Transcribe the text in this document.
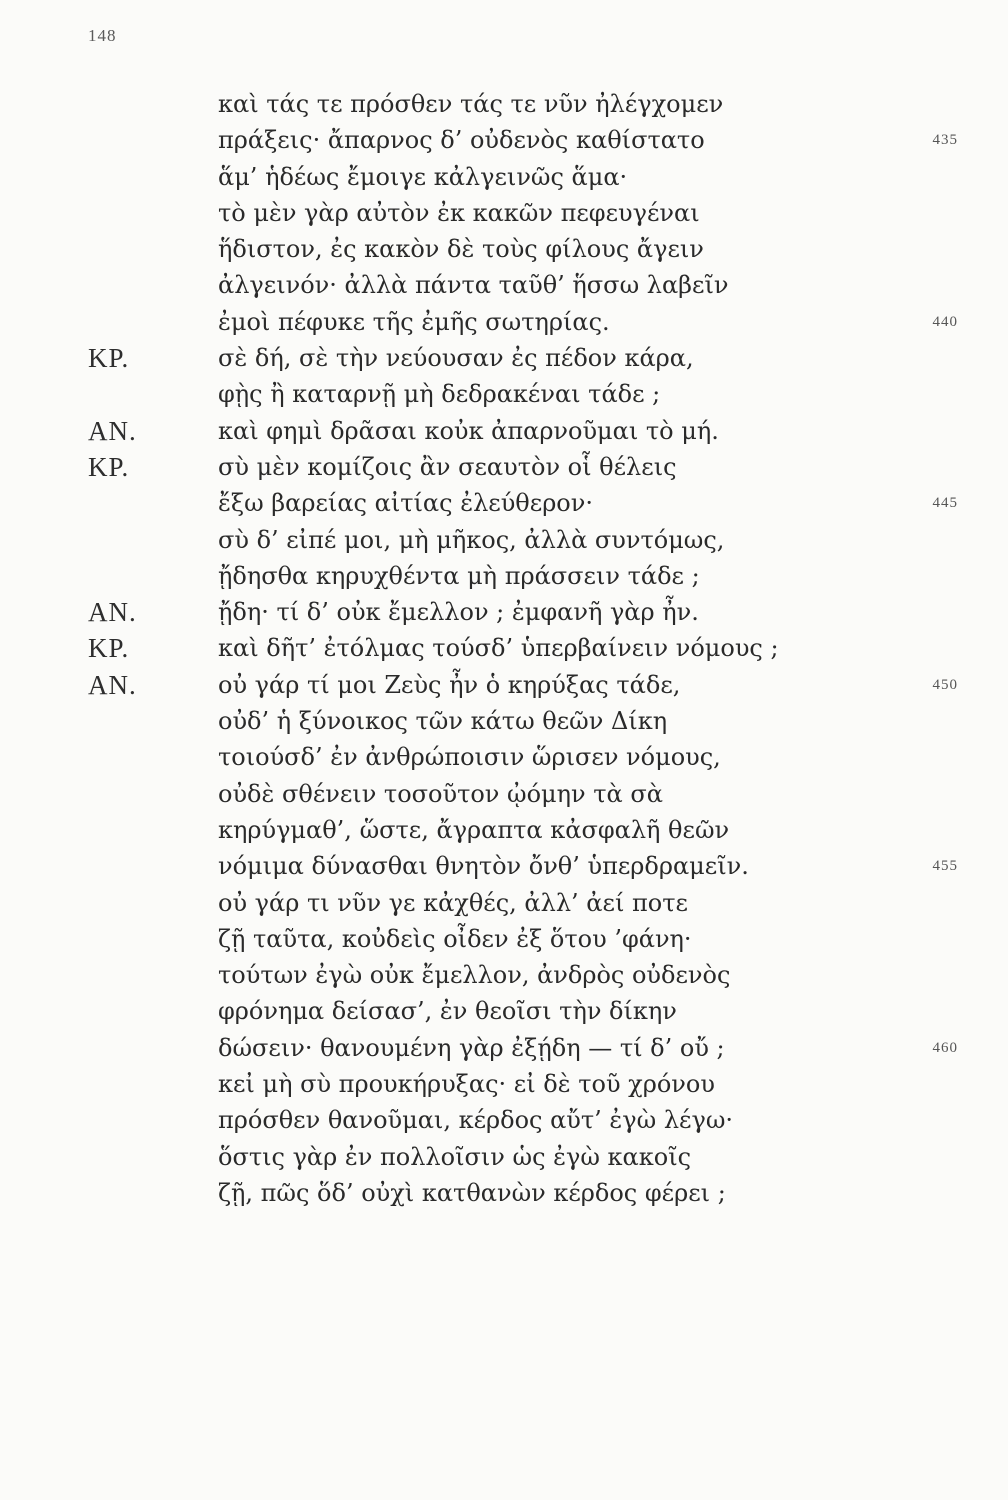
148
καὶ τάς τε πρόσθεν τάς τε νῦν ἠλέγχομεν
πράξεις· ἄπαρνος δ’ οὐδενὸς καθίστατο	435
ἅμ’ ἡδέως ἔμοιγε κἀλγεινῶς ἅμα·
τὸ μὲν γὰρ αὐτὸν ἐκ κακῶν πεφευγέναι
ἥδιστον, ἐς κακὸν δὲ τοὺς φίλους ἄγειν
ἀλγεινόν· ἀλλὰ πάντα ταῦθ’ ἥσσω λαβεῖν
ἐμοὶ πέφυκε τῆς ἐμῆς σωτηρίας.	440
ΚΡ.	σὲ δή, σὲ τὴν νεύουσαν ἐς πέδον κάρα,
φῂς ἢ καταρνῇ μὴ δεδρακέναι τάδε ;
ΑΝ.	καὶ φημὶ δρᾶσαι κοὐκ ἀπαρνοῦμαι τὸ μή.
ΚΡ.	σὺ μὲν κομίζοις ἂν σεαυτὸν οἷ θέλεις
ἔξω βαρείας αἰτίας ἐλεύθερον·	445
σὺ δ’ εἰπέ μοι, μὴ μῆκος, ἀλλὰ συντόμως,
ᾔδησθα κηρυχθέντα μὴ πράσσειν τάδε ;
ΑΝ.	ᾔδη· τί δ’ οὐκ ἔμελλον ; ἐμφανῆ γὰρ ἦν.
ΚΡ.	καὶ δῆτ’ ἐτόλμας τούσδ’ ὑπερβαίνειν νόμους ;
ΑΝ.	οὐ γάρ τί μοι Ζεὺς ἦν ὁ κηρύξας τάδε,	450
οὐδ’ ἡ ξύνοικος τῶν κάτω θεῶν Δίκη
τοιούσδ’ ἐν ἀνθρώποισιν ὥρισεν νόμους,
οὐδὲ σθένειν τοσοῦτον ᾠόμην τὰ σὰ
κηρύγμαθ’, ὥστε, ἄγραπτα κἀσφαλῆ θεῶν
νόμιμα δύνασθαι θνητὸν ὄνθ’ ὑπερδραμεῖν.	455
οὐ γάρ τι νῦν γε κἀχθές, ἀλλ’ ἀεί ποτε
ζῇ ταῦτα, κοὐδεὶς οἶδεν ἐξ ὅτου ’φάνη·
τούτων ἐγὼ οὐκ ἔμελλον, ἀνδρὸς οὐδενὸς
φρόνημα δείσασ’, ἐν θεοῖσι τὴν δίκην
δώσειν· θανουμένη γὰρ ἐξῄδη — τί δ’ οὔ ;	460
κεἰ μὴ σὺ προυκήρυξας· εἰ δὲ τοῦ χρόνου
πρόσθεν θανοῦμαι, κέρδος αὔτ’ ἐγὼ λέγω·
ὅστις γὰρ ἐν πολλοῖσιν ὡς ἐγὼ κακοῖς
ζῇ, πῶς ὅδ’ οὐχὶ κατθανὼν κέρδος φέρει ;
